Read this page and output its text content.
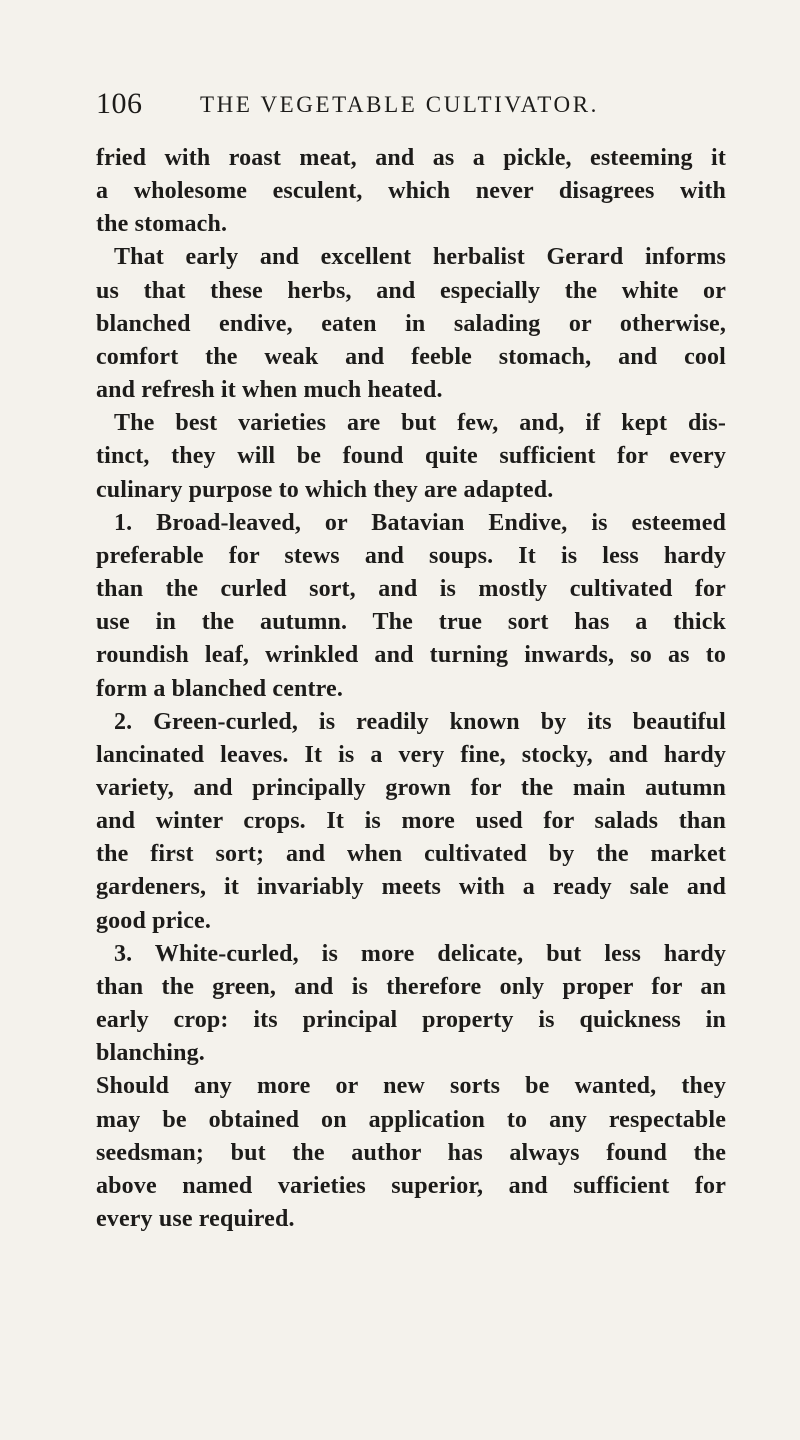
106	THE VEGETABLE CULTIVATOR.

fried with roast meat, and as a pickle, esteeming it
a wholesome esculent, which never disagrees with
the stomach.

That early and excellent herbalist Gerard informs
us that these herbs, and especially the white or
blanched endive, eaten in salading or otherwise,
comfort the weak and feeble stomach, and cool
and refresh it when much heated.

The best varieties are but few, and, if kept dis-
tinct, they will be found quite sufficient for every
culinary purpose to which they are adapted.

1. Broad-leaved, or Batavian Endive, is esteemed
preferable for stews and soups. It is less hardy
than the curled sort, and is mostly cultivated for
use in the autumn. The true sort has a thick
roundish leaf, wrinkled and turning inwards, so as to
form a blanched centre.

2. Green-curled, is readily known by its beautiful
lancinated leaves. It is a very fine, stocky, and hardy
variety, and principally grown for the main autumn
and winter crops. It is more used for salads than
the first sort; and when cultivated by the market
gardeners, it invariably meets with a ready sale and
good price.

3. White-curled, is more delicate, but less hardy
than the green, and is therefore only proper for an
early crop: its principal property is quickness in
blanching.

Should any more or new sorts be wanted, they
may be obtained on application to any respectable
seedsman; but the author has always found the
above named varieties superior, and sufficient for
every use required.
